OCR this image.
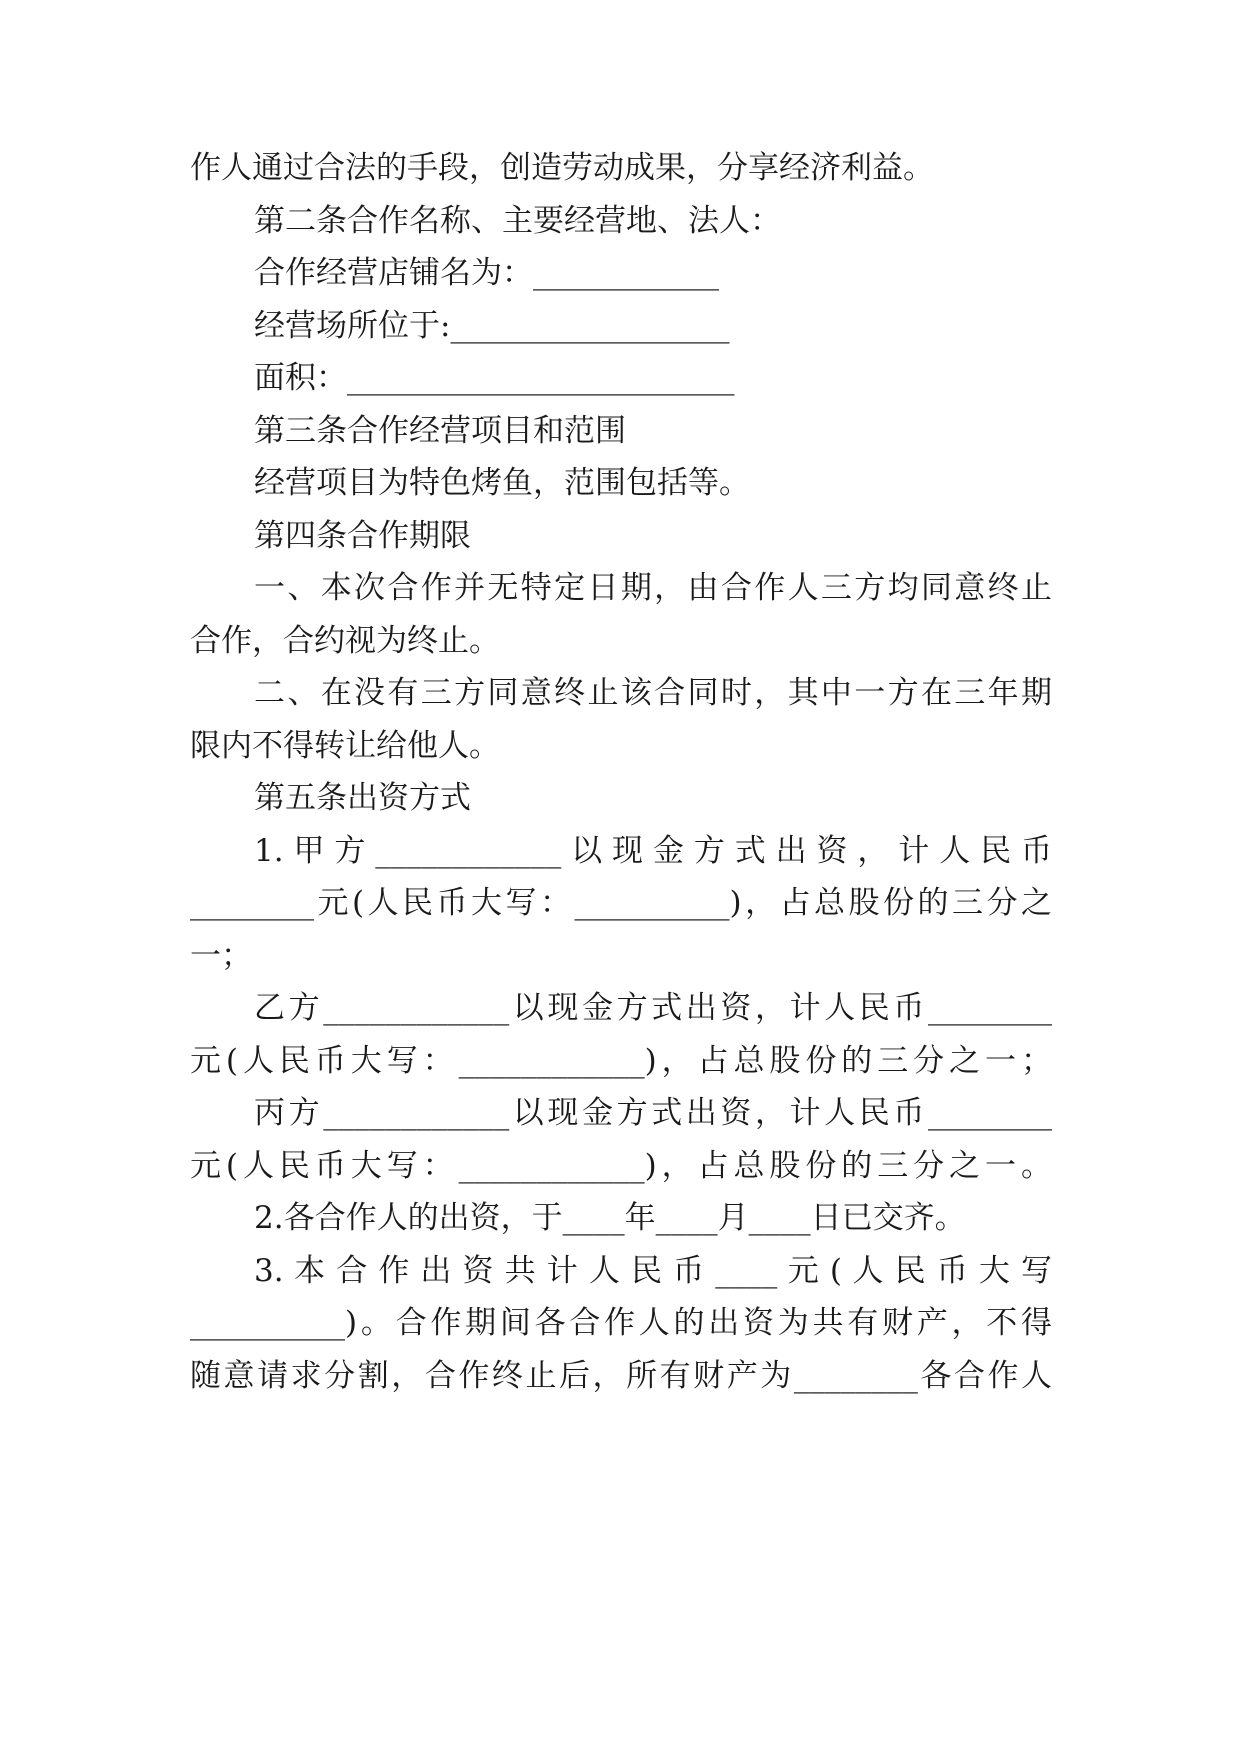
作人通过合法的手段，创造劳动成果，分享经济利益。

第二条合作名称、主要经营地、法人：

合作经营店铺名为：____________

经营场所位于:__________________

面积：_________________________

第三条合作经营项目和范围

经营项目为特色烤鱼，范围包括等。

第四条合作期限

一、本次合作并无特定日期，由合作人三方均同意终止

合作，合约视为终止。

二、在没有三方同意终止该合同时，其中一方在三年期

限内不得转让给他人。

第五条出资方式

1. 甲 方 ____________ 以 现 金 方 式 出 资 ， 计 人 民 币

________元(人民币大写：__________)，占总股份的三分之

一；

乙方____________以现金方式出资，计人民币________

元(人民币大写：____________)，占总股份的三分之一；

丙方____________以现金方式出资，计人民币________

元(人民币大写：____________)，占总股份的三分之一。

2.各合作人的出资，于____年____月____日已交齐。

3. 本 合 作 出 资 共 计 人 民 币 ____ 元 ( 人 民 币 大 写

__________)。合作期间各合作人的出资为共有财产，不得

随意请求分割，合作终止后，所有财产为________各合作人
